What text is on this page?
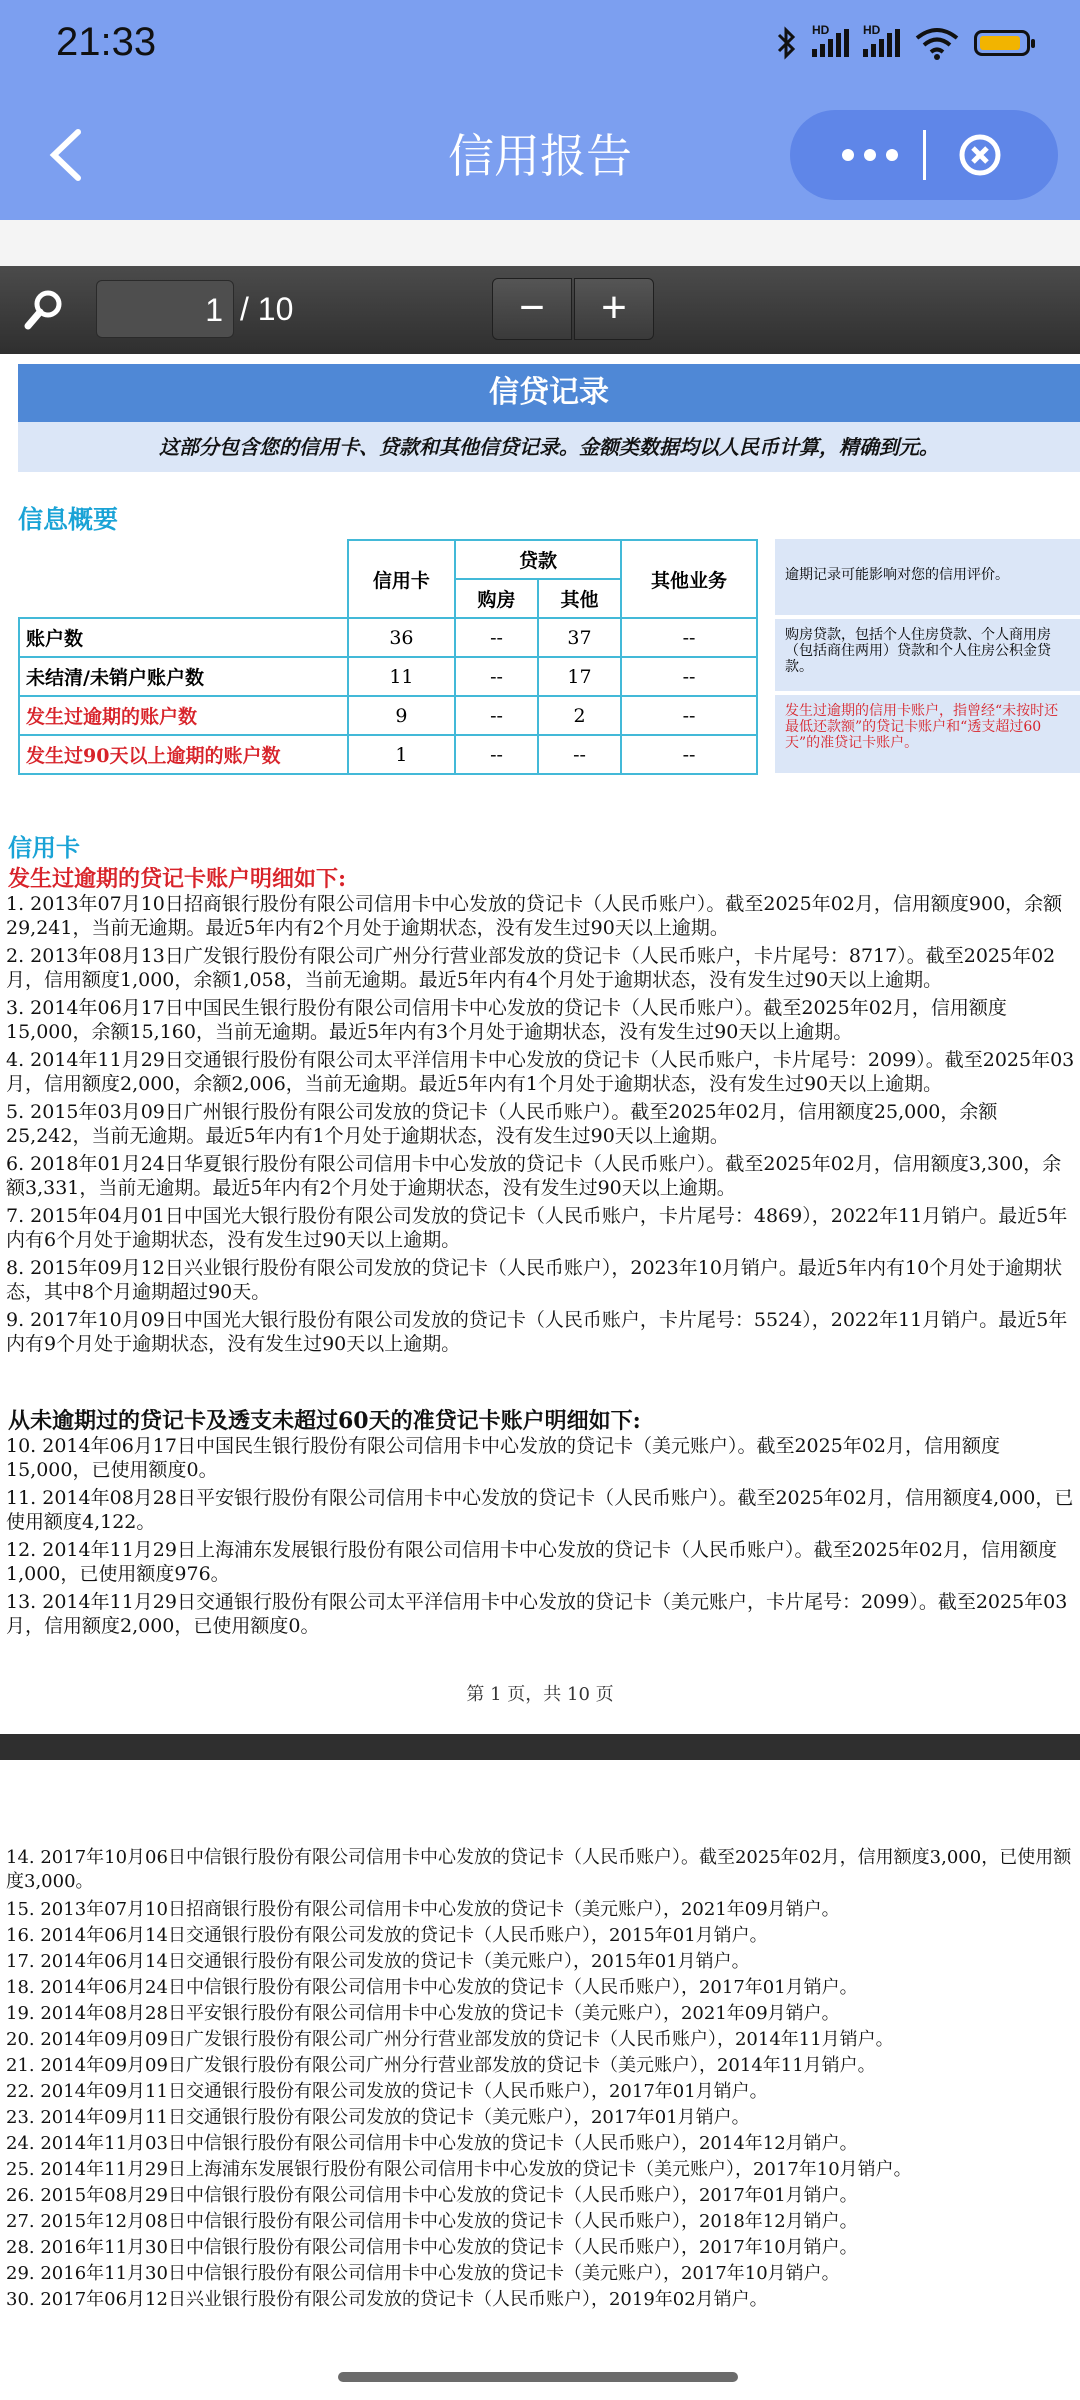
21:33	HD	HD
信用报告
1 / 10	−	+
信贷记录
这部分包含您的信用卡、贷款和其他信贷记录。金额类数据均以人民币计算，精确到元。
信息概要
	信用卡	贷款		其他业务
		购房	其他	
账户数	36	--	37	--
未结清/未销户账户数	11	--	17	--
发生过逾期的账户数	9	--	2	--
发生过90天以上逾期的账户数	1	--	--	--
逾期记录可能影响对您的信用评价。
购房贷款，包括个人住房贷款、个人商用房（包括商住两用）贷款和个人住房公积金贷款。
发生过逾期的信用卡账户，指曾经“未按时还最低还款额”的贷记卡账户和“透支超过60天”的准贷记卡账户。
信用卡
发生过逾期的贷记卡账户明细如下:
1. 2013年07月10日招商银行股份有限公司信用卡中心发放的贷记卡（人民币账户）。截至2025年02月，信用额度900，余额29,241，当前无逾期。最近5年内有2个月处于逾期状态，没有发生过90天以上逾期。
2. 2013年08月13日广发银行股份有限公司广州分行营业部发放的贷记卡（人民币账户，卡片尾号：8717）。截至2025年02月，信用额度1,000，余额1,058，当前无逾期。最近5年内有4个月处于逾期状态，没有发生过90天以上逾期。
3. 2014年06月17日中国民生银行股份有限公司信用卡中心发放的贷记卡（人民币账户）。截至2025年02月，信用额度15,000，余额15,160，当前无逾期。最近5年内有3个月处于逾期状态，没有发生过90天以上逾期。
4. 2014年11月29日交通银行股份有限公司太平洋信用卡中心发放的贷记卡（人民币账户，卡片尾号：2099）。截至2025年03月，信用额度2,000，余额2,006，当前无逾期。最近5年内有1个月处于逾期状态，没有发生过90天以上逾期。
5. 2015年03月09日广州银行股份有限公司发放的贷记卡（人民币账户）。截至2025年02月，信用额度25,000，余额25,242，当前无逾期。最近5年内有1个月处于逾期状态，没有发生过90天以上逾期。
6. 2018年01月24日华夏银行股份有限公司信用卡中心发放的贷记卡（人民币账户）。截至2025年02月，信用额度3,300，余额3,331，当前无逾期。最近5年内有2个月处于逾期状态，没有发生过90天以上逾期。
7. 2015年04月01日中国光大银行股份有限公司发放的贷记卡（人民币账户，卡片尾号：4869），2022年11月销户。最近5年内有6个月处于逾期状态，没有发生过90天以上逾期。
8. 2015年09月12日兴业银行股份有限公司发放的贷记卡（人民币账户），2023年10月销户。最近5年内有10个月处于逾期状态，其中8个月逾期超过90天。
9. 2017年10月09日中国光大银行股份有限公司发放的贷记卡（人民币账户，卡片尾号：5524），2022年11月销户。最近5年内有9个月处于逾期状态，没有发生过90天以上逾期。
从未逾期过的贷记卡及透支未超过60天的准贷记卡账户明细如下:
10. 2014年06月17日中国民生银行股份有限公司信用卡中心发放的贷记卡（美元账户）。截至2025年02月，信用额度15,000，已使用额度0。
11. 2014年08月28日平安银行股份有限公司信用卡中心发放的贷记卡（人民币账户）。截至2025年02月，信用额度4,000，已使用额度4,122。
12. 2014年11月29日上海浦东发展银行股份有限公司信用卡中心发放的贷记卡（人民币账户）。截至2025年02月，信用额度1,000，已使用额度976。
13. 2014年11月29日交通银行股份有限公司太平洋信用卡中心发放的贷记卡（美元账户，卡片尾号：2099）。截至2025年03月，信用额度2,000，已使用额度0。
第 1 页，共 10 页
14. 2017年10月06日中信银行股份有限公司信用卡中心发放的贷记卡（人民币账户）。截至2025年02月，信用额度3,000，已使用额度3,000。
15. 2013年07月10日招商银行股份有限公司信用卡中心发放的贷记卡（美元账户），2021年09月销户。
16. 2014年06月14日交通银行股份有限公司发放的贷记卡（人民币账户），2015年01月销户。
17. 2014年06月14日交通银行股份有限公司发放的贷记卡（美元账户），2015年01月销户。
18. 2014年06月24日中信银行股份有限公司信用卡中心发放的贷记卡（人民币账户），2017年01月销户。
19. 2014年08月28日平安银行股份有限公司信用卡中心发放的贷记卡（美元账户），2021年09月销户。
20. 2014年09月09日广发银行股份有限公司广州分行营业部发放的贷记卡（人民币账户），2014年11月销户。
21. 2014年09月09日广发银行股份有限公司广州分行营业部发放的贷记卡（美元账户），2014年11月销户。
22. 2014年09月11日交通银行股份有限公司发放的贷记卡（人民币账户），2017年01月销户。
23. 2014年09月11日交通银行股份有限公司发放的贷记卡（美元账户），2017年01月销户。
24. 2014年11月03日中信银行股份有限公司信用卡中心发放的贷记卡（人民币账户），2014年12月销户。
25. 2014年11月29日上海浦东发展银行股份有限公司信用卡中心发放的贷记卡（美元账户），2017年10月销户。
26. 2015年08月29日中信银行股份有限公司信用卡中心发放的贷记卡（人民币账户），2017年01月销户。
27. 2015年12月08日中信银行股份有限公司信用卡中心发放的贷记卡（人民币账户），2018年12月销户。
28. 2016年11月30日中信银行股份有限公司信用卡中心发放的贷记卡（人民币账户），2017年10月销户。
29. 2016年11月30日中信银行股份有限公司信用卡中心发放的贷记卡（美元账户），2017年10月销户。
30. 2017年06月12日兴业银行股份有限公司发放的贷记卡（人民币账户），2019年02月销户。
